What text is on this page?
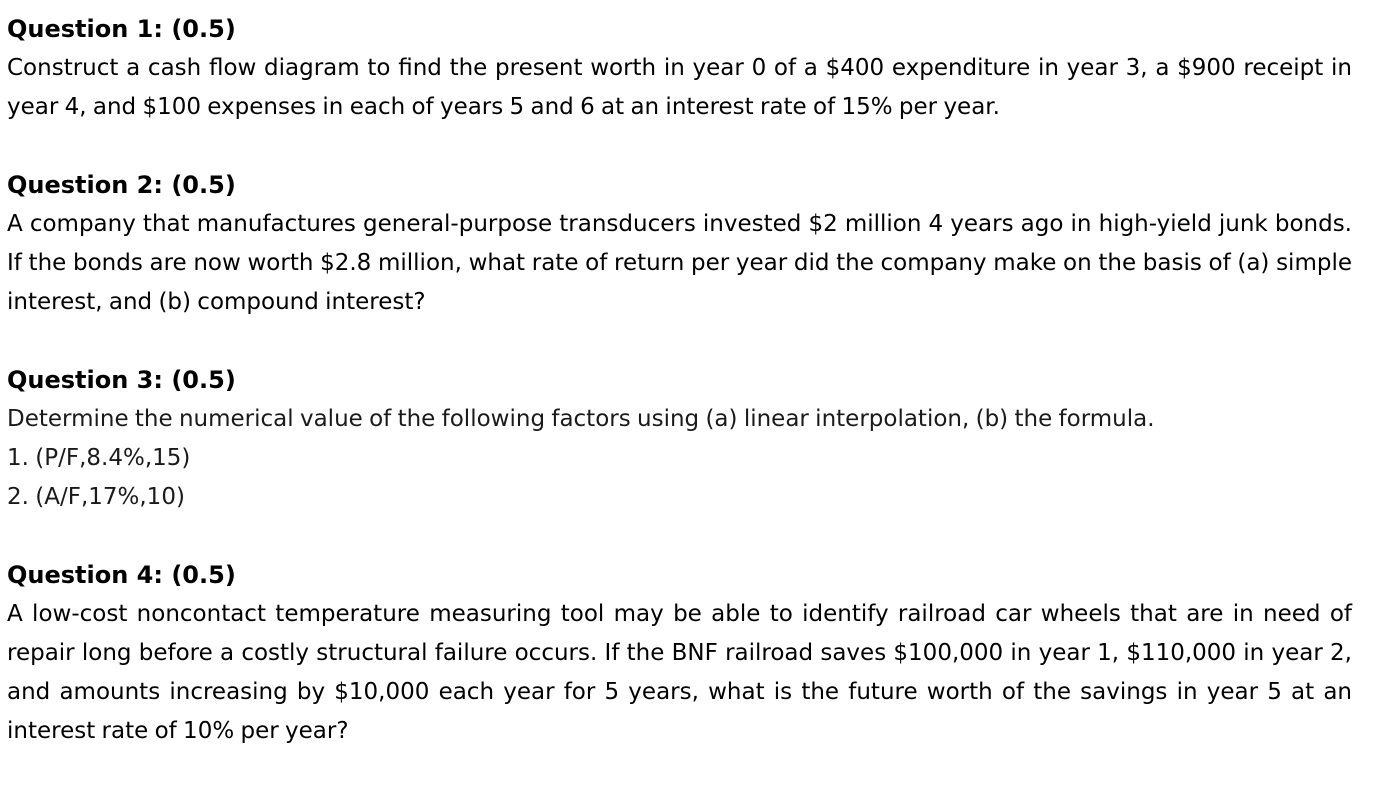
Question 1: (0.5)
Construct a cash flow diagram to find the present worth in year 0 of a $400 expenditure in year 3, a $900 receipt in year 4, and $100 expenses in each of years 5 and 6 at an interest rate of 15% per year.
Question 2: (0.5)
A company that manufactures general-purpose transducers invested $2 million 4 years ago in high-yield junk bonds. If the bonds are now worth $2.8 million, what rate of return per year did the company make on the basis of (a) simple interest, and (b) compound interest?
Question 3: (0.5)
Determine the numerical value of the following factors using (a) linear interpolation, (b) the formula.
1. (P/F,8.4%,15)
2. (A/F,17%,10)
Question 4: (0.5)
A low-cost noncontact temperature measuring tool may be able to identify railroad car wheels that are in need of repair long before a costly structural failure occurs. If the BNF railroad saves $100,000 in year 1, $110,000 in year 2, and amounts increasing by $10,000 each year for 5 years, what is the future worth of the savings in year 5 at an interest rate of 10% per year?
